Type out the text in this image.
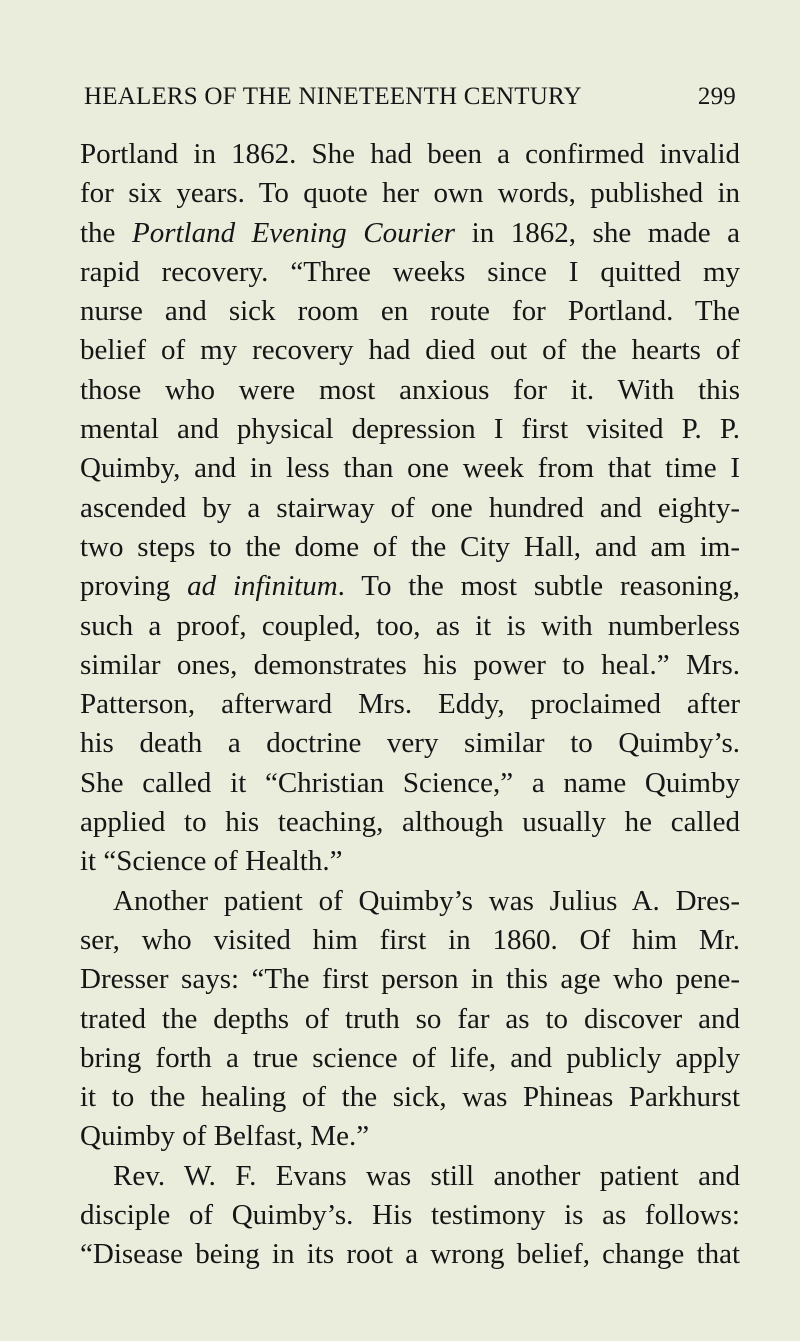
HEALERS OF THE NINETEENTH CENTURY	299
Portland in 1862. She had been a confirmed invalid
for six years. To quote her own words, published in
the Portland Evening Courier in 1862, she made a
rapid recovery. “Three weeks since I quitted my
nurse and sick room en route for Portland. The
belief of my recovery had died out of the hearts of
those who were most anxious for it. With this
mental and physical depression I first visited P. P.
Quimby, and in less than one week from that time I
ascended by a stairway of one hundred and eighty-
two steps to the dome of the City Hall, and am im-
proving ad infinitum. To the most subtle reasoning,
such a proof, coupled, too, as it is with numberless
similar ones, demonstrates his power to heal.” Mrs.
Patterson, afterward Mrs. Eddy, proclaimed after
his death a doctrine very similar to Quimby’s.
She called it “Christian Science,” a name Quimby
applied to his teaching, although usually he called
it “Science of Health.”
Another patient of Quimby’s was Julius A. Dres-
ser, who visited him first in 1860. Of him Mr.
Dresser says: “The first person in this age who pene-
trated the depths of truth so far as to discover and
bring forth a true science of life, and publicly apply
it to the healing of the sick, was Phineas Parkhurst
Quimby of Belfast, Me.”
Rev. W. F. Evans was still another patient and
disciple of Quimby’s. His testimony is as follows:
“Disease being in its root a wrong belief, change that
